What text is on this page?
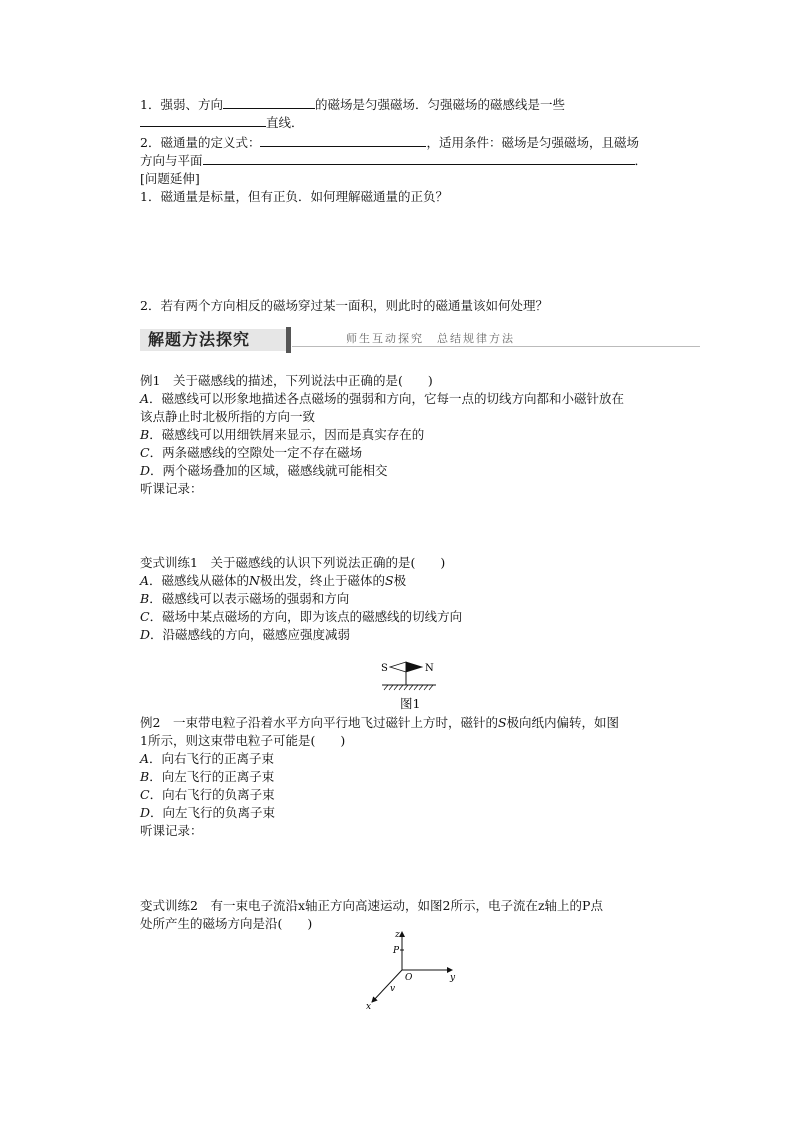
1．强弱、方向	的磁场是匀强磁场．匀强磁场的磁感线是一些
直线．
2．磁通量的定义式：	，适用条件：磁场是匀强磁场，且磁场
方向与平面	．
[问题延伸]
1．磁通量是标量，但有正负．如何理解磁通量的正负？
2．若有两个方向相反的磁场穿过某一面积，则此时的磁通量该如何处理？
解题方法探究	师生互动探究　总结规律方法
例1　关于磁感线的描述，下列说法中正确的是(　　)
A．磁感线可以形象地描述各点磁场的强弱和方向，它每一点的切线方向都和小磁针放在
该点静止时北极所指的方向一致
B．磁感线可以用细铁屑来显示，因而是真实存在的
C．两条磁感线的空隙处一定不存在磁场
D．两个磁场叠加的区域，磁感线就可能相交
听课记录：
变式训练1　关于磁感线的认识下列说法正确的是(　　)
A．磁感线从磁体的N极出发，终止于磁体的S极
B．磁感线可以表示磁场的强弱和方向
C．磁场中某点磁场的方向，即为该点的磁感线的切线方向
D．沿磁感线的方向，磁感应强度减弱
S	N
图1
例2　一束带电粒子沿着水平方向平行地飞过磁针上方时，磁针的S极向纸内偏转，如图
1所示，则这束带电粒子可能是(　　)
A．向右飞行的正离子束
B．向左飞行的正离子束
C．向右飞行的负离子束
D．向左飞行的负离子束
听课记录：
变式训练2　有一束电子流沿x轴正方向高速运动，如图2所示，电子流在z轴上的P点
处所产生的磁场方向是沿(　　)
z
P
O	y
v
x
